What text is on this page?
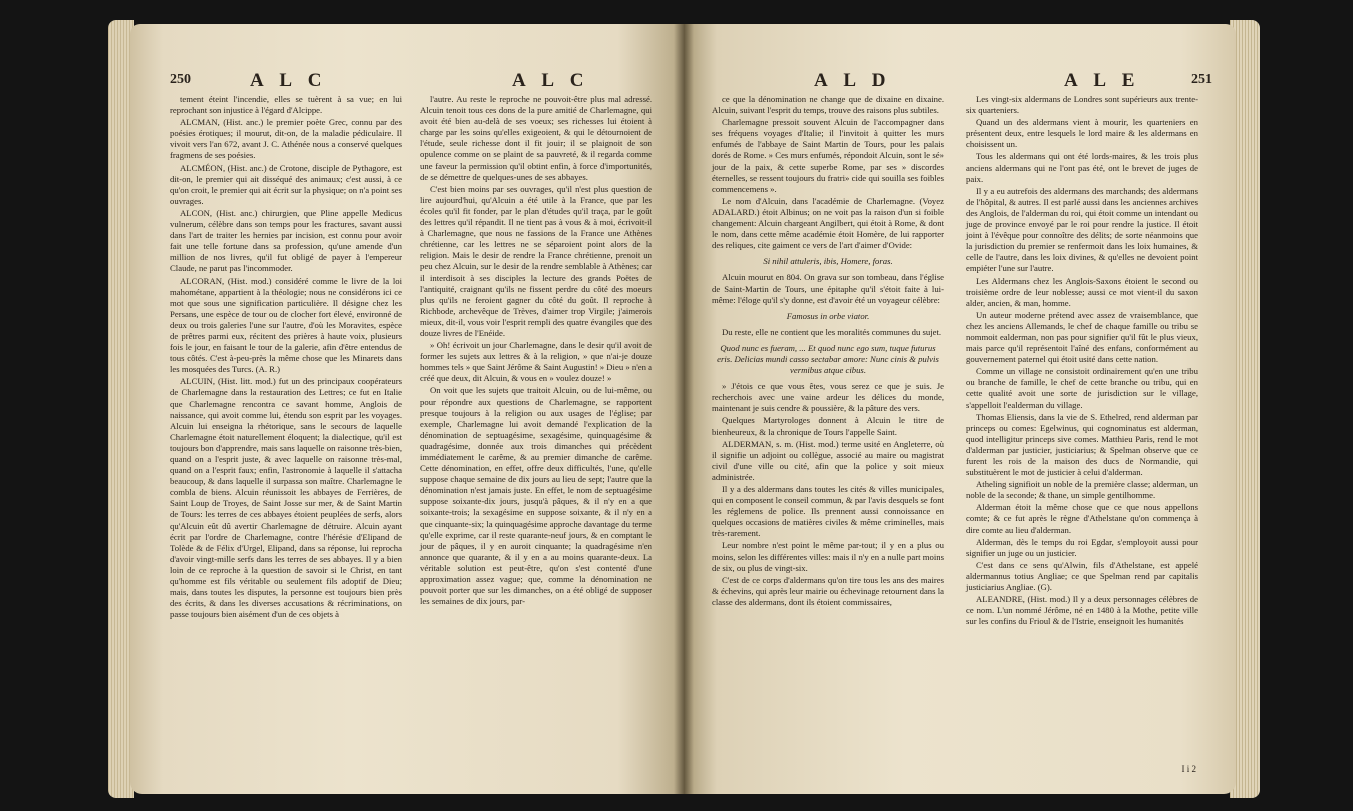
250	A L C	A L C

tement éteint l'incendie, elles se tuèrent à sa vue; en lui reprochant son injustice à l'égard d'Alcippe.

ALCMAN, (Hist. anc.) le premier poète Grec, connu par des poésies érotiques; il mourut, dit-on, de la maladie pédiculaire. Il vivoit vers l'an 672, avant J. C. Athénée nous a conservé quelques fragmens de ses poésies.

ALCMÉON, (Hist. anc.) de Crotone, disciple de Pythagore, est dit-on, le premier qui ait disséqué des animaux; c'est aussi, à ce qu'on croit, le premier qui ait écrit sur la physique; on n'a point ses ouvrages.

ALCON, (Hist. anc.) chirurgien, que Pline appelle Medicus vulnerum, célèbre dans son temps pour les fractures, savant aussi dans l'art de traiter les hernies par incision, est connu pour avoir fait une telle fortune dans sa profession, qu'une amende d'un million de nos livres, qu'il fut obligé de payer à l'empereur Claude, ne parut pas l'incommoder.

ALCORAN, (Hist. mod.) considéré comme le livre de la loi mahométane, appartient à la théologie; nous ne considérons ici ce mot que sous une signification particulière. Il désigne chez les Persans, une espèce de tour ou de clocher fort élevé, environné de deux ou trois galeries l'une sur l'autre, d'où les Moravites, espèce de prêtres parmi eux, récitent des prières à haute voix, plusieurs fois le jour, en faisant le tour de la galerie, afin d'être entendus de tous côtés. C'est à-peu-près la même chose que les Minarets dans les mosquées des Turcs. (A. R.)

ALCUIN, (Hist. litt. mod.) fut un des principaux coopérateurs de Charlemagne dans la restauration des Lettres; ce fut en Italie que Charlemagne rencontra ce savant homme, Anglois de naissance, qui avoit comme lui, étendu son esprit par les voyages. Alcuin lui enseigna la rhétorique, sans le secours de laquelle Charlemagne étoit naturellement éloquent; la dialectique, qu'il est toujours bon d'apprendre, mais sans laquelle on raisonne très-bien, quand on a l'esprit juste, & avec laquelle on raisonne très-mal, quand on a l'esprit faux; enfin, l'astronomie à laquelle il s'attacha beaucoup, & dans laquelle il surpassa son maître. Charlemagne le combla de biens. Alcuin réunissoit les abbayes de Ferrières, de Saint Loup de Troyes, de Saint Josse sur mer, & de Saint Martin de Tours: les terres de ces abbayes étoient peuplées de serfs, alors qu'Alcuin eût dû avertir Charlemagne de détruire. Alcuin ayant écrit par l'ordre de Charlemagne, contre l'hérésie d'Elipand de Tolède & de Félix d'Urgel, Elipand, dans sa réponse, lui reprocha d'avoir vingt-mille serfs dans les terres de ses abbayes. Il y a bien loin de ce reproche à la question de savoir si le Christ, en tant qu'homme est fils véritable ou seulement fils adoptif de Dieu; mais, dans toutes les disputes, la personne est toujours bien près des écrits, & dans les diverses accusations & récriminations, on passe toujours bien aisément d'un de ces objets à

l'autre. Au reste le reproche ne pouvoit-être plus mal adressé. Alcuin tenoit tous ces dons de la pure amitié de Charlemagne, qui avoit été bien au-delà de ses voeux; ses richesses lui étoient à charge par les soins qu'elles exigeoient, & qui le détournoient de l'étude, seule richesse dont il fit jouir; il se plaignoit de son opulence comme on se plaint de sa pauvreté, & il regarda comme une faveur la permission qu'il obtint enfin, à force d'importunités, de se démettre de quelques-unes de ses abbayes.

C'est bien moins par ses ouvrages, qu'il n'est plus question de lire aujourd'hui, qu'Alcuin a été utile à la France, que par les écoles qu'il fit fonder, par le plan d'études qu'il traça, par le goût des lettres qu'il répandit. Il ne tient pas à vous & à moi, écrivoit-il à Charlemagne, que nous ne fassions de la France une Athènes chrétienne, car les lettres ne se séparoient point alors de la religion. Mais le desir de rendre la France chrétienne, prenoit un peu chez Alcuin, sur le desir de la rendre semblable à Athènes; car il interdisoit à ses disciples la lecture des grands Poëtes de l'antiquité, craignant qu'ils ne fissent perdre du côté des moeurs plus qu'ils ne feroient gagner du côté du goût. Il reproche à Richbode, archevêque de Trèves, d'aimer trop Virgile; j'aimerois mieux, dit-il, vous voir l'esprit rempli des quatre évangiles que des douze livres de l'Enéide.

» Oh! écrivoit un jour Charlemagne, dans le desir qu'il avoit de former les sujets aux lettres & à la religion, » que n'ai-je douze hommes tels » que Saint Jérôme & Saint Augustin! » Dieu » n'en a créé que deux, dit Alcuin, & vous en » voulez douze! »

On voit que les sujets que traitoit Alcuin, ou de lui-même, ou pour répondre aux questions de Charlemagne, se rapportent presque toujours à la religion ou aux usages de l'église; par exemple, Charlemagne lui avoit demandé l'explication de la dénomination de septuagésime, sexagésime, quinquagésime & quadragésime, donnée aux trois dimanches qui précèdent immédiatement le carême, & au premier dimanche de carême. Cette dénomination, en effet, offre deux difficultés, l'une, qu'elle suppose chaque semaine de dix jours au lieu de sept; l'autre que la dénomination n'est jamais juste. En effet, le nom de septuagésime suppose soixante-dix jours, jusqu'à pâques, & il n'y en a que soixante-trois; la sexagésime en suppose soixante, & il n'y en a que cinquante-six; la quinquagésime approche davantage du terme qu'elle exprime, car il reste quarante-neuf jours, & en comptant le jour de pâques, il y en auroit cinquante; la quadragésime n'en annonce que quarante, & il y en a au moins quarante-deux. La véritable solution est peut-être, qu'on s'est contenté d'une approximation assez vague; que, comme la dénomination ne pouvoit porter que sur les dimanches, on a été obligé de supposer les semaines de dix jours, par-

A L D	A L E	251

ce que la dénomination ne change que de dixaine en dixaine. Alcuin, suivant l'esprit du temps, trouve des raisons plus subtiles.

Charlemagne pressoit souvent Alcuin de l'accompagner dans ses fréquens voyages d'Italie; il l'invitoit à quitter les murs enfumés de l'abbaye de Saint Martin de Tours, pour les palais dorés de Rome. » Ces murs enfumés, répondoit Alcuin, sont le sé» jour de la paix, & cette superbe Rome, par ses » discordes éternelles, se ressent toujours du fratri» cide qui souilla ses foibles commencemens ».

Le nom d'Alcuin, dans l'académie de Charlemagne. (Voyez ADALARD.) étoit Albinus; on ne voit pas la raison d'un si foible changement: Alcuin chargeant Angilbert, qui étoit à Rome, & dont le nom, dans cette même académie étoit Homère, de lui rapporter des reliques, cite gaiment ce vers de l'art d'aimer d'Ovide:

Si nihil attuleris, ibis, Homere, foras.

Alcuin mourut en 804. On grava sur son tombeau, dans l'église de Saint-Martin de Tours, une épitaphe qu'il s'étoit faite à lui-même: l'éloge qu'il s'y donne, est d'avoir été un voyageur célèbre:

Famosus in orbe viator.

Du reste, elle ne contient que les moralités communes du sujet.

Quod nunc es fueram, ... Et quod nunc ego sum, tuque futurus eris. Delicias mundi casso sectabar amore: Nunc cinis & pulvis vermibus atque cibus.

» J'étois ce que vous êtes, vous serez ce que je suis. Je recherchois avec une vaine ardeur les délices du monde, maintenant je suis cendre & poussière, & la pâture des vers.

Quelques Martyrologes donnent à Alcuin le titre de bienheureux, & la chronique de Tours l'appelle Saint.

ALDERMAN, s. m. (Hist. mod.) terme usité en Angleterre, où il signifie un adjoint ou collègue, associé au maire ou magistrat civil d'une ville ou cité, afin que la police y soit mieux administrée.

Il y a des aldermans dans toutes les cités & villes municipales, qui en composent le conseil commun, & par l'avis desquels se font les réglemens de police. Ils prennent aussi connoissance en quelques occasions de matières civiles & même criminelles, mais très-rarement.

Leur nombre n'est point le même par-tout; il y en a plus ou moins, selon les différentes villes: mais il n'y en a nulle part moins de six, ou plus de vingt-six.

C'est de ce corps d'aldermans qu'on tire tous les ans des maires & échevins, qui après leur mairie ou échevinage retournent dans la classe des aldermans, dont ils étoient commissaires,

Les vingt-six aldermans de Londres sont supérieurs aux trente-six quarteniers.

Quand un des aldermans vient à mourir, les quarteniers en présentent deux, entre lesquels le lord maire & les aldermans en choisissent un.

Tous les aldermans qui ont été lords-maires, & les trois plus anciens aldermans qui ne l'ont pas été, ont le brevet de juges de paix.

Il y a eu autrefois des aldermans des marchands; des aldermans de l'hôpital, & autres. Il est parlé aussi dans les anciennes archives des Anglois, de l'alderman du roi, qui étoit comme un intendant ou juge de province envoyé par le roi pour rendre la justice. Il étoit joint à l'évêque pour connoître des délits; de sorte néanmoins que la jurisdiction du premier se renfermoit dans les loix humaines, & celle de l'autre, dans les loix divines, & qu'elles ne devoient point empiéter l'une sur l'autre.

Les Aldermans chez les Anglois-Saxons étoient le second ou troisième ordre de leur noblesse; aussi ce mot vient-il du saxon alder, ancien, & man, homme.

Un auteur moderne prétend avec assez de vraisemblance, que chez les anciens Allemands, le chef de chaque famille ou tribu se nommoit ealderman, non pas pour signifier qu'il fût le plus vieux, mais parce qu'il représentoit l'aîné des enfans, conformément au gouvernement paternel qui étoit usité dans cette nation.

Comme un village ne consistoit ordinairement qu'en une tribu ou branche de famille, le chef de cette branche ou tribu, qui en cette qualité avoit une sorte de jurisdiction sur le village, s'appelloit l'ealderman du village.

Thomas Eliensis, dans la vie de S. Ethelred, rend alderman par princeps ou comes: Egelwinus, qui cognominatus est alderman, quod intelligitur princeps sive comes. Matthieu Paris, rend le mot d'alderman par justicier, justiciarius; & Spelman observe que ce furent les rois de la maison des ducs de Normandie, qui substituèrent le mot de justicier à celui d'alderman.

Atheling signifioit un noble de la première classe; alderman, un noble de la seconde; & thane, un simple gentilhomme.

Alderman étoit la même chose que ce que nous appellons comte; & ce fut après le règne d'Athelstane qu'on commença à dire comte au lieu d'alderman.

Alderman, dès le temps du roi Egdar, s'employoit aussi pour signifier un juge ou un justicier.

C'est dans ce sens qu'Alwin, fils d'Athelstane, est appelé aldermannus totius Angliae; ce que Spelman rend par capitalis justiciarius Angliae. (G).

ALEANDRE, (Hist. mod.) Il y a deux personnages célèbres de ce nom. L'un nommé Jérôme, né en 1480 à la Mothe, petite ville sur les confins du Frioul & de l'Istrie, enseignoit les humanités

I i 2
